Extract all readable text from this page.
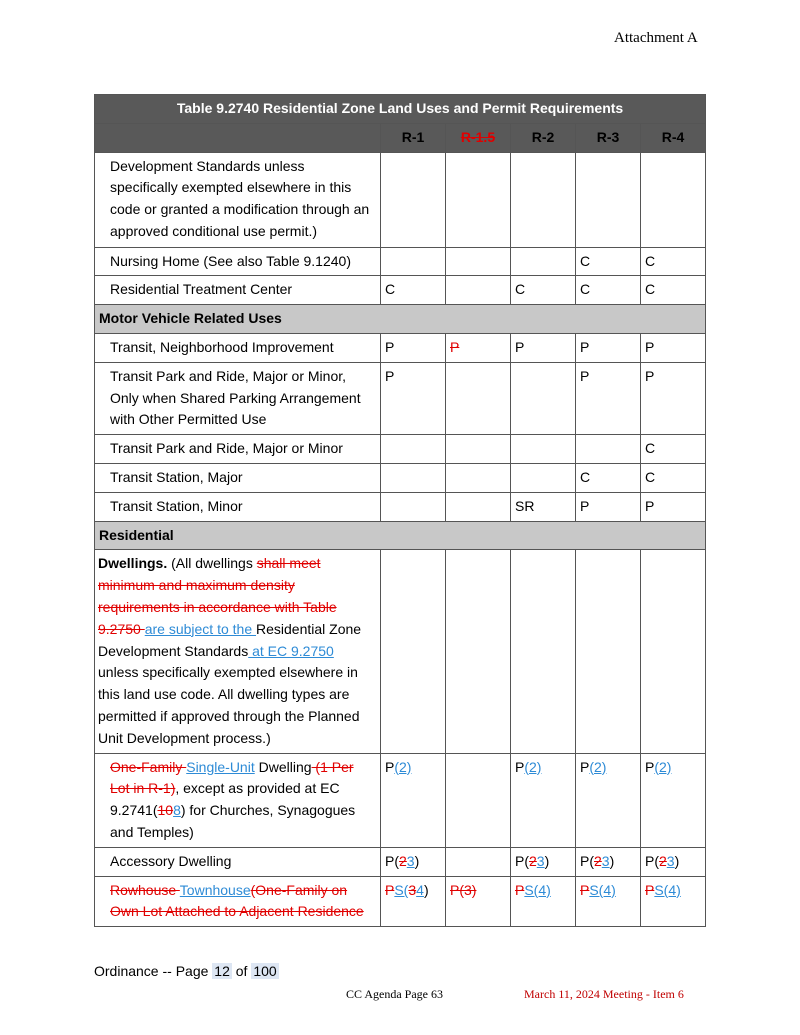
Attachment A
Table 9.2740 Residential Zone Land Uses and Permit Requirements					
	R-1	R-1.5	R-2	R-3	R-4
Development Standards unless specifically exempted elsewhere in this code or granted a modification through an approved conditional use permit.)					
Nursing Home (See also Table 9.1240)				C	C
Residential Treatment Center	C		C	C	C
Motor Vehicle Related Uses					
Transit, Neighborhood Improvement	P	P	P	P	P
Transit Park and Ride, Major or Minor, Only when Shared Parking Arrangement with Other Permitted Use	P			P	P
Transit Park and Ride, Major or Minor					C
Transit Station, Major				C	C
Transit Station, Minor			SR	P	P
Residential					
Dwellings. (All dwellings shall meet minimum and maximum density requirements in accordance with Table 9.2750 are subject to the Residential Zone Development Standards at EC 9.2750 unless specifically exempted elsewhere in this land use code. All dwelling types are permitted if approved through the Planned Unit Development process.)					
One-Family Single-Unit Dwelling (1 Per Lot in R-1), except as provided at EC 9.2741(108) for Churches, Synagogues and Temples)	P(2)		P(2)	P(2)	P(2)
Accessory Dwelling	P(23)		P(23)	P(23)	P(23)
Rowhouse Townhouse(One-Family on Own Lot Attached to Adjacent Residence	PS(34)	P(3)	PS(4)	PS(4)	PS(4)
Ordinance -- Page 12 of 100
CC Agenda Page 63	March 11, 2024 Meeting - Item 6
